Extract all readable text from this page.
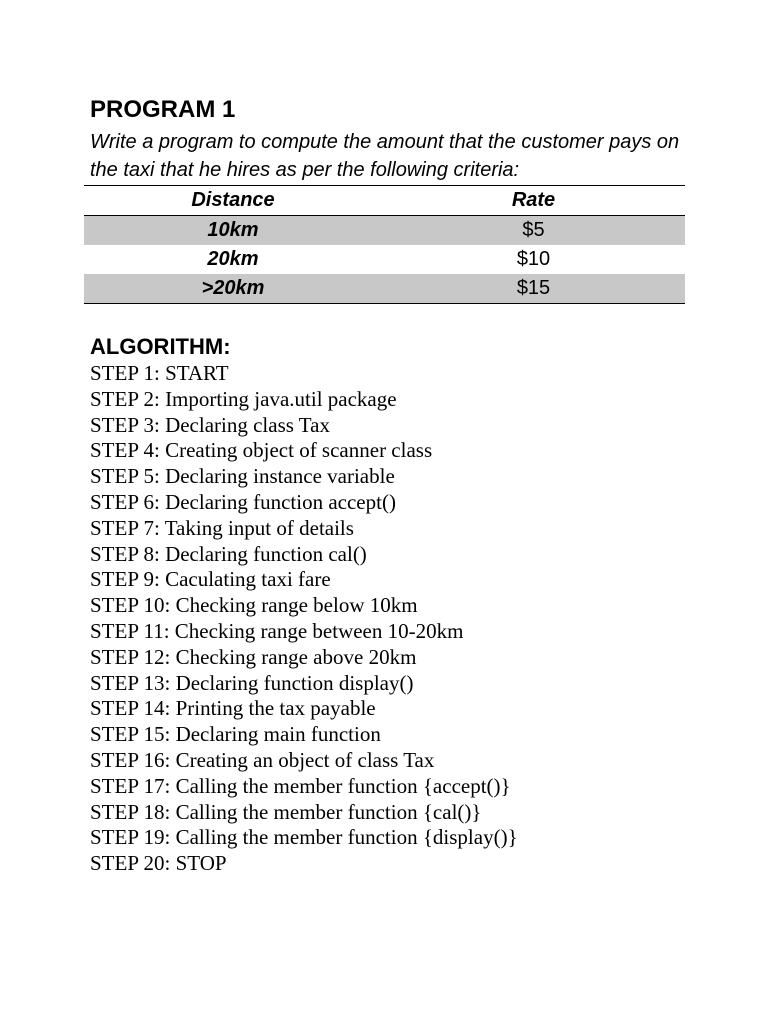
PROGRAM 1

Write a program to compute the amount that the customer pays on the taxi that he hires as per the following criteria:

Distance	Rate
10km	$5
20km	$10
>20km	$15
ALGORITHM:
STEP 1: START
STEP 2: Importing java.util package
STEP 3: Declaring class Tax
STEP 4: Creating object of scanner class
STEP 5: Declaring instance variable
STEP 6: Declaring function accept()
STEP 7: Taking input of details
STEP 8: Declaring function cal()
STEP 9: Caculating taxi fare
STEP 10: Checking range below 10km
STEP 11: Checking range between 10-20km
STEP 12: Checking range above 20km
STEP 13: Declaring function display()
STEP 14: Printing the tax payable
STEP 15: Declaring main function
STEP 16: Creating an object of class Tax
STEP 17: Calling the member function {accept()}
STEP 18: Calling the member function {cal()}
STEP 19: Calling the member function {display()}
STEP 20: STOP
